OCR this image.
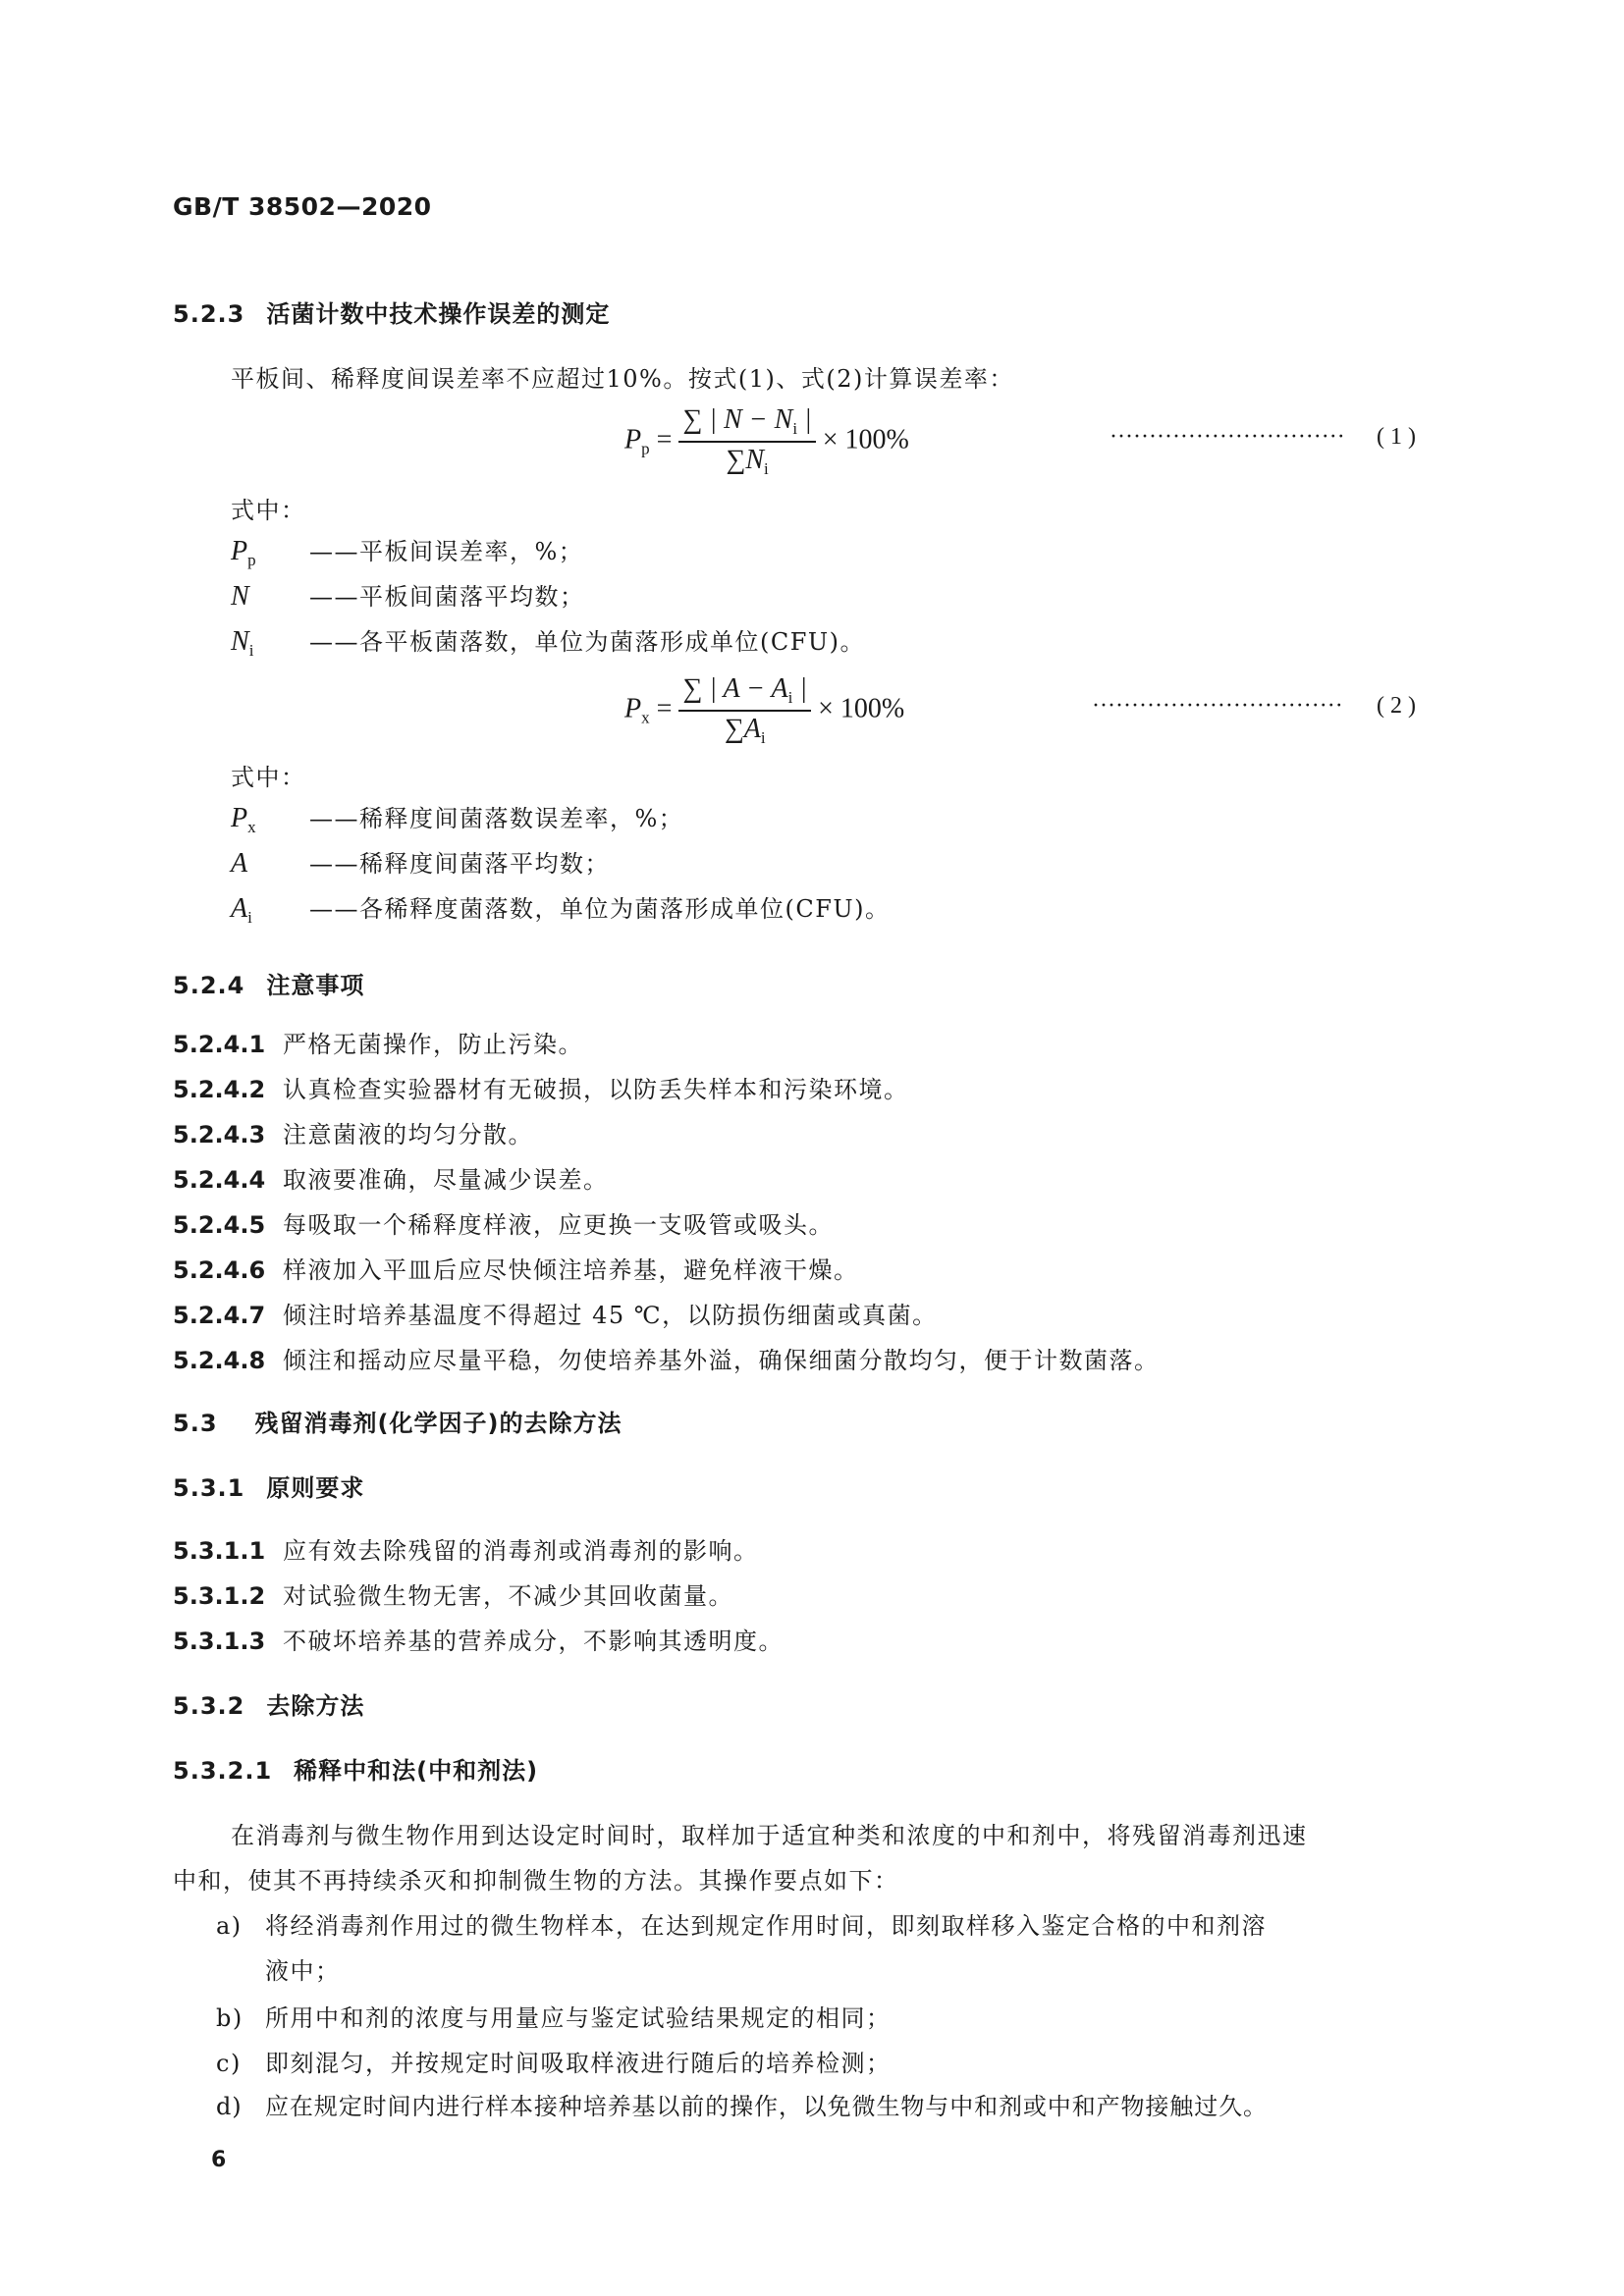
GB/T 38502—2020
5.2.3 活菌计数中技术操作误差的测定
平板间、稀释度间误差率不应超过10%。按式(1)、式(2)计算误差率：
$P_p = \frac{\sum | N - N_i |}{\sum N_i} \times 100\%$	······························ ( 1 )
式中：
$P_p$ ——平板间误差率，%；
N	——平板间菌落平均数；
$N_i$ ——各平板菌落数，单位为菌落形成单位(CFU)。
$P_x = \frac{\sum | A - A_i |}{\sum A_i} \times 100\%$	································ ( 2 )
式中：
$P_x$ ——稀释度间菌落数误差率，%；
A	——稀释度间菌落平均数；
$A_i$ ——各稀释度菌落数，单位为菌落形成单位(CFU)。
5.2.4 注意事项
5.2.4.1 严格无菌操作，防止污染。
5.2.4.2 认真检查实验器材有无破损，以防丢失样本和污染环境。
5.2.4.3 注意菌液的均匀分散。
5.2.4.4 取液要准确，尽量减少误差。
5.2.4.5 每吸取一个稀释度样液，应更换一支吸管或吸头。
5.2.4.6 样液加入平皿后应尽快倾注培养基，避免样液干燥。
5.2.4.7 倾注时培养基温度不得超过 45 ℃，以防损伤细菌或真菌。
5.2.4.8 倾注和摇动应尽量平稳，勿使培养基外溢，确保细菌分散均匀，便于计数菌落。
5.3 残留消毒剂(化学因子)的去除方法
5.3.1 原则要求
5.3.1.1 应有效去除残留的消毒剂或消毒剂的影响。
5.3.1.2 对试验微生物无害，不减少其回收菌量。
5.3.1.3 不破坏培养基的营养成分，不影响其透明度。
5.3.2 去除方法
5.3.2.1 稀释中和法(中和剂法)
在消毒剂与微生物作用到达设定时间时，取样加于适宜种类和浓度的中和剂中，将残留消毒剂迅速
中和，使其不再持续杀灭和抑制微生物的方法。其操作要点如下：
a) 将经消毒剂作用过的微生物样本，在达到规定作用时间，即刻取样移入鉴定合格的中和剂溶
液中；
b) 所用中和剂的浓度与用量应与鉴定试验结果规定的相同；
c) 即刻混匀，并按规定时间吸取样液进行随后的培养检测；
d) 应在规定时间内进行样本接种培养基以前的操作，以免微生物与中和剂或中和产物接触过久。
6
